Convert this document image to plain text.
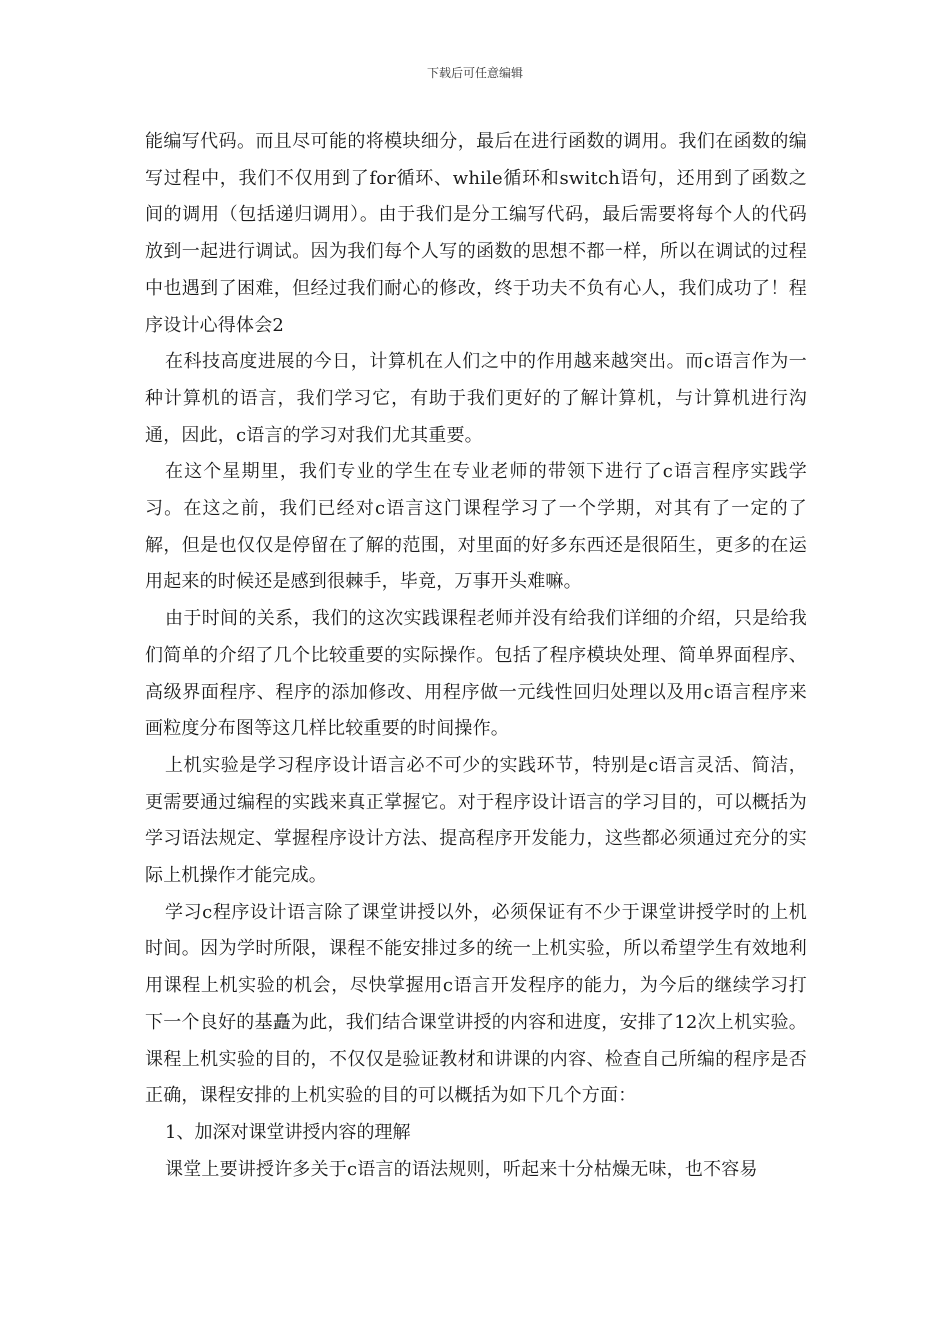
下载后可任意编辑

能编写代码。而且尽可能的将模块细分，最后在进行函数的调用。我们在函数的编写过程中，我们不仅用到了for循环、while循环和switch语句，还用到了函数之间的调用（包括递归调用）。由于我们是分工编写代码，最后需要将每个人的代码放到一起进行调试。因为我们每个人写的函数的思想不都一样，所以在调试的过程中也遇到了困难，但经过我们耐心的修改，终于功夫不负有心人，我们成功了！程序设计心得体会2

在科技高度进展的今日，计算机在人们之中的作用越来越突出。而c语言作为一种计算机的语言，我们学习它，有助于我们更好的了解计算机，与计算机进行沟通，因此，c语言的学习对我们尤其重要。

在这个星期里，我们专业的学生在专业老师的带领下进行了c语言程序实践学习。在这之前，我们已经对c语言这门课程学习了一个学期，对其有了一定的了解，但是也仅仅是停留在了解的范围，对里面的好多东西还是很陌生，更多的在运用起来的时候还是感到很棘手，毕竟，万事开头难嘛。

由于时间的关系，我们的这次实践课程老师并没有给我们详细的介绍，只是给我们简单的介绍了几个比较重要的实际操作。包括了程序模块处理、简单界面程序、高级界面程序、程序的添加修改、用程序做一元线性回归处理以及用c语言程序来画粒度分布图等这几样比较重要的时间操作。

上机实验是学习程序设计语言必不可少的实践环节，特别是c语言灵活、简洁，更需要通过编程的实践来真正掌握它。对于程序设计语言的学习目的，可以概括为学习语法规定、掌握程序设计方法、提高程序开发能力，这些都必须通过充分的实际上机操作才能完成。

学习c程序设计语言除了课堂讲授以外，必须保证有不少于课堂讲授学时的上机时间。因为学时所限，课程不能安排过多的统一上机实验，所以希望学生有效地利用课程上机实验的机会，尽快掌握用c语言开发程序的能力，为今后的继续学习打下一个良好的基矗为此，我们结合课堂讲授的内容和进度，安排了12次上机实验。课程上机实验的目的，不仅仅是验证教材和讲课的内容、检查自己所编的程序是否正确，课程安排的上机实验的目的可以概括为如下几个方面：

1、加深对课堂讲授内容的理解

课堂上要讲授许多关于c语言的语法规则，听起来十分枯燥无味，也不容易
